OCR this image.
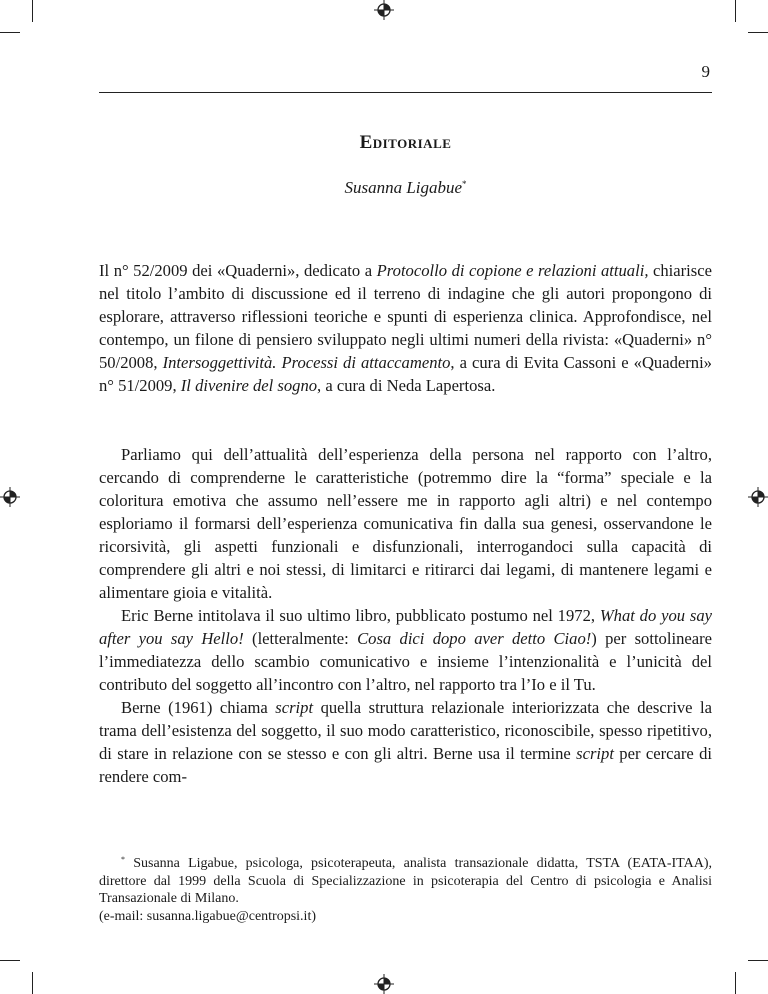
9
Editoriale
Susanna Ligabue*

Il n° 52/2009 dei «Quaderni», dedicato a Protocollo di copione e relazioni attuali, chiarisce nel titolo l’ambito di discussione ed il terreno di indagine che gli autori propongono di esplorare, attraverso riflessioni teoriche e spunti di esperienza clinica. Approfondisce, nel contempo, un filone di pensiero sviluppato negli ultimi numeri della rivista: «Quaderni» n° 50/2008, Intersoggettività. Processi di attaccamento, a cura di Evita Cassoni e «Quaderni» n° 51/2009, Il divenire del sogno, a cura di Neda Lapertosa.

Parliamo qui dell’attualità dell’esperienza della persona nel rapporto con l’altro, cercando di comprenderne le caratteristiche (potremmo dire la “forma” speciale e la coloritura emotiva che assumo nell’essere me in rapporto agli altri) e nel contempo esploriamo il formarsi dell’esperienza comunicativa fin dalla sua genesi, osservandone le ricorsività, gli aspetti funzionali e disfunzionali, interrogandoci sulla capacità di comprendere gli altri e noi stessi, di limitarci e ritirarci dai legami, di mantenere legami e alimentare gioia e vitalità.

Eric Berne intitolava il suo ultimo libro, pubblicato postumo nel 1972, What do you say after you say Hello! (letteralmente: Cosa dici dopo aver detto Ciao!) per sottolineare l’immediatezza dello scambio comunicativo e insieme l’intenzionalità e l’unicità del contributo del soggetto all’incontro con l’altro, nel rapporto tra l’Io e il Tu.

Berne (1961) chiama script quella struttura relazionale interiorizzata che descrive la trama dell’esistenza del soggetto, il suo modo caratteristico, riconoscibile, spesso ripetitivo, di stare in relazione con se stesso e con gli altri. Berne usa il termine script per cercare di rendere com-

* Susanna Ligabue, psicologa, psicoterapeuta, analista transazionale didatta, TSTA (EATA-ITAA), direttore dal 1999 della Scuola di Specializzazione in psicoterapia del Centro di psicologia e Analisi Transazionale di Milano.
(e-mail: susanna.ligabue@centropsi.it)
